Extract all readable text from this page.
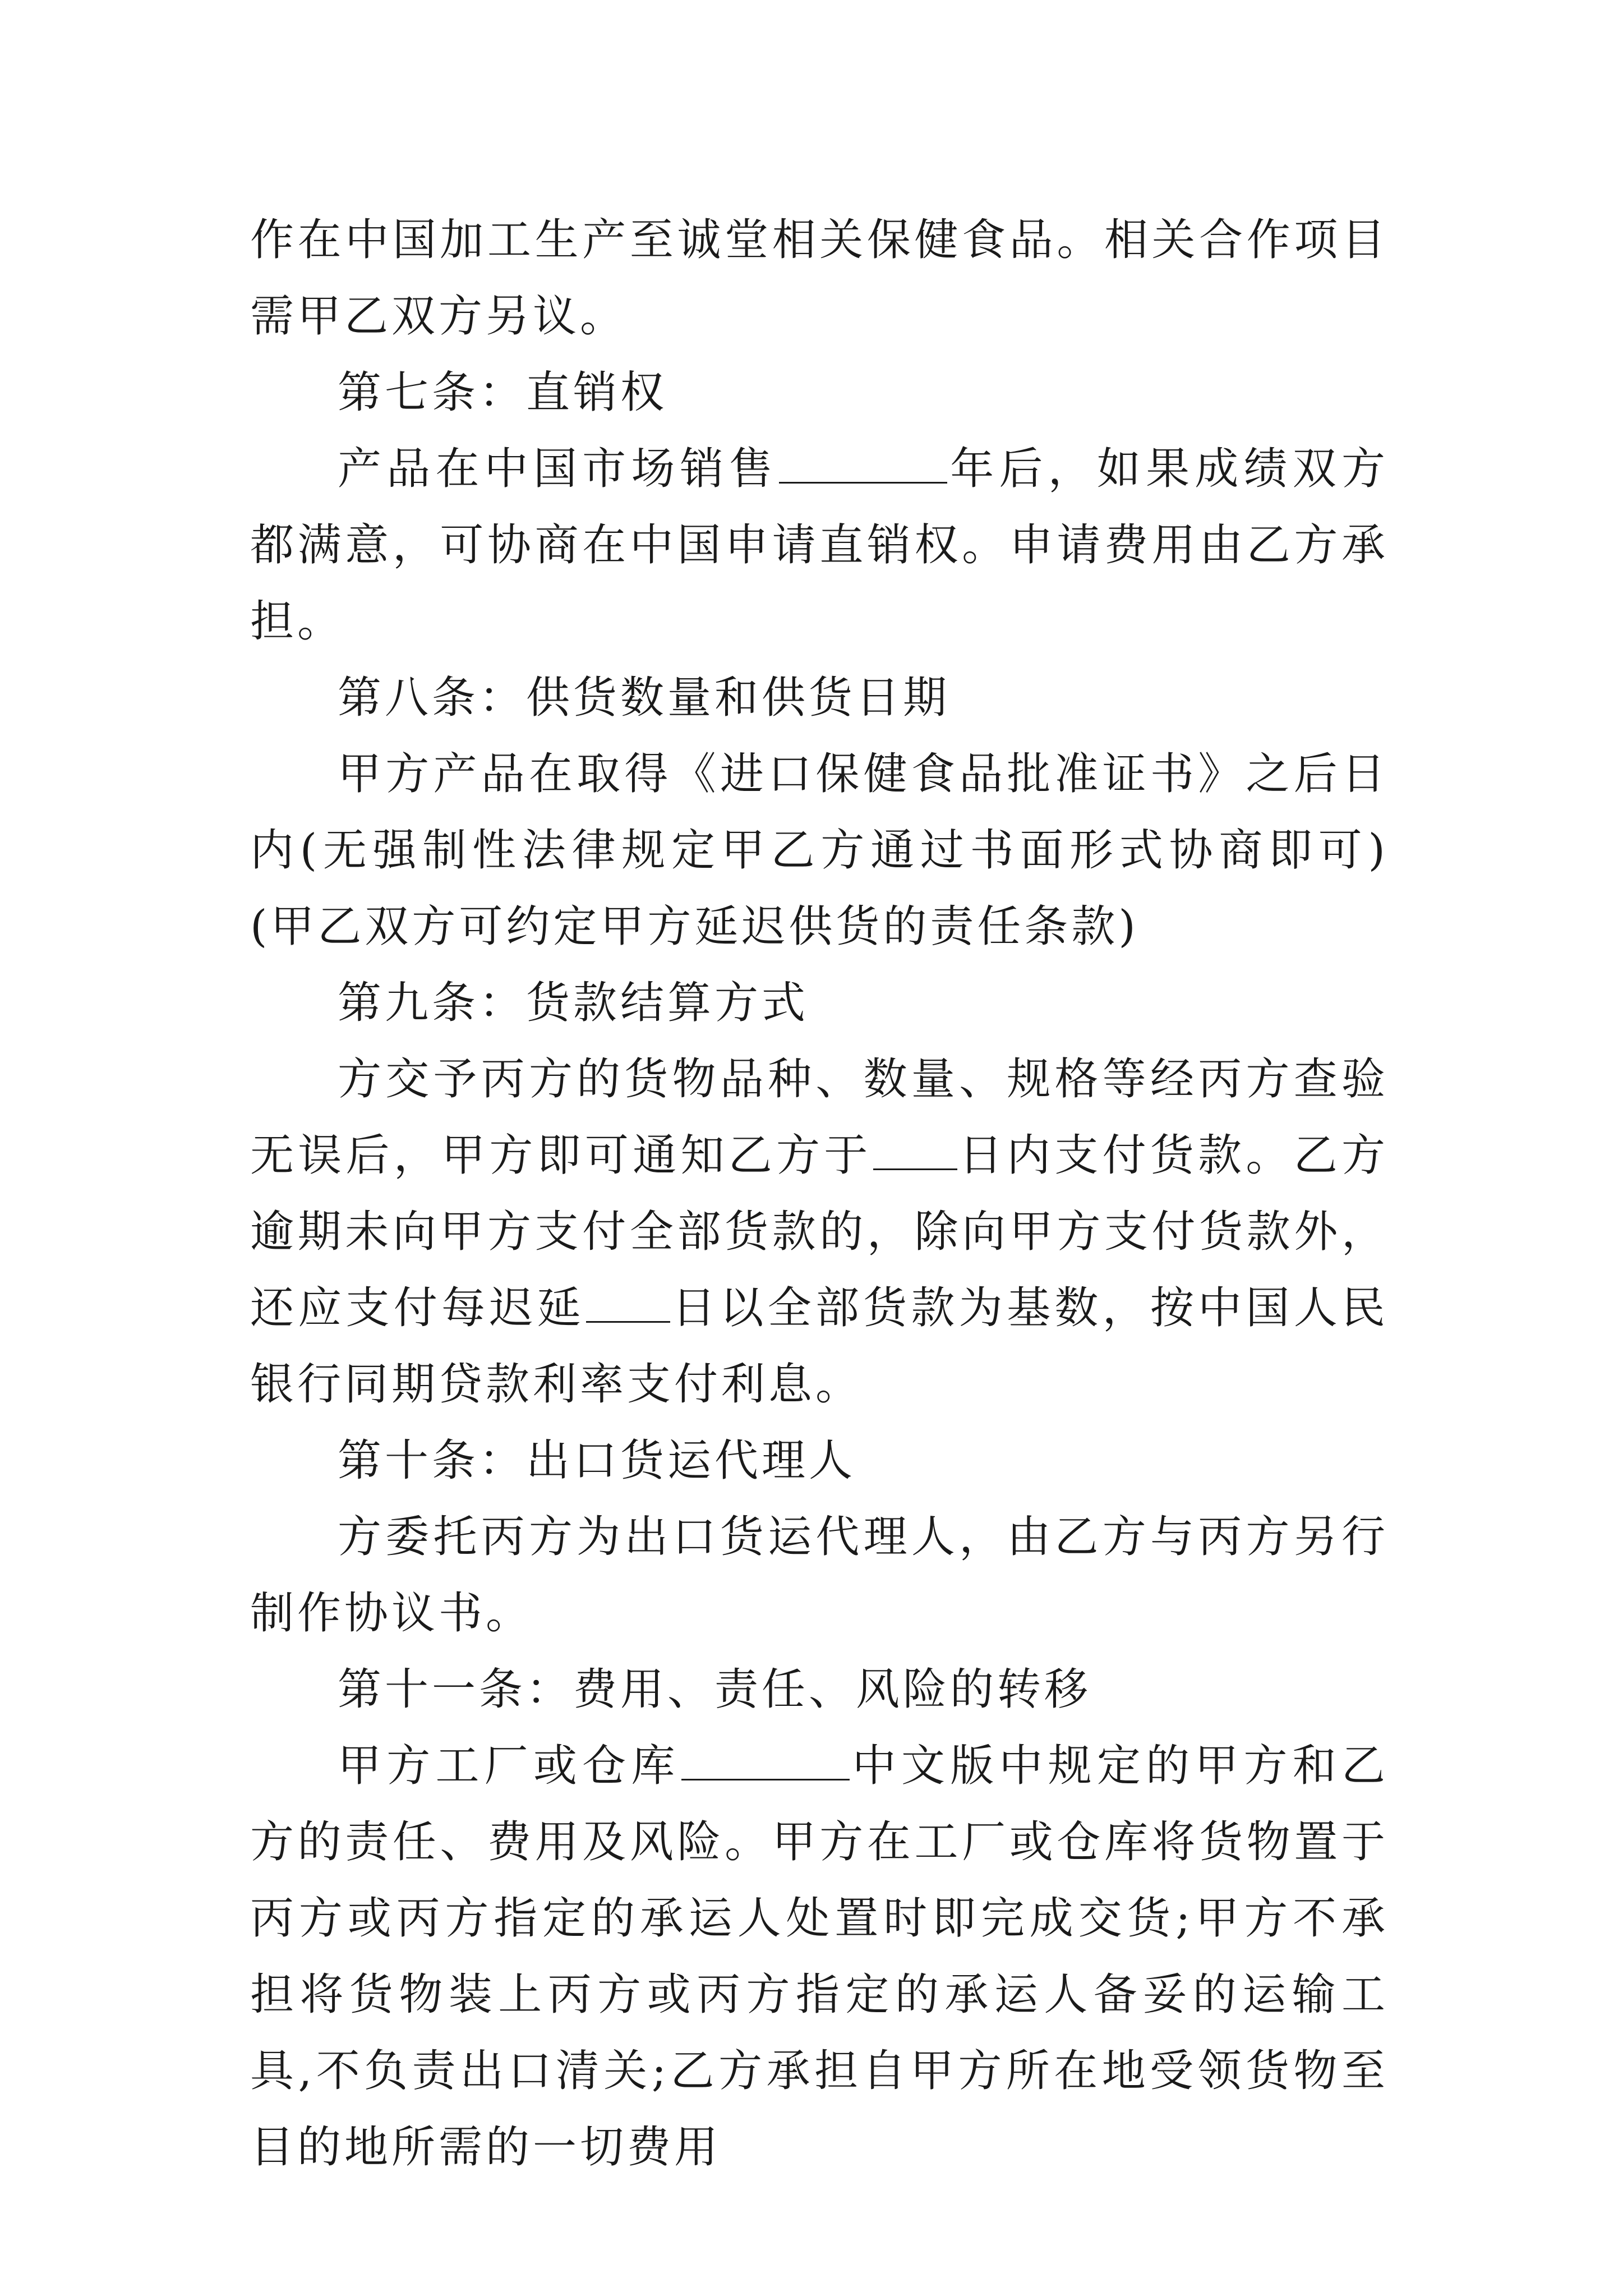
作在中国加工生产至诚堂相关保健食品。相关合作项目需甲乙双方另议。

第七条：直销权

产品在中国市场销售	年后，如果成绩双方都满意，可协商在中国申请直销权。申请费用由乙方承担。

第八条：供货数量和供货日期

甲方产品在取得《进口保健食品批准证书》之后日内(无强制性法律规定甲乙方通过书面形式协商即可)(甲乙双方可约定甲方延迟供货的责任条款)

第九条：货款结算方式

方交予丙方的货物品种、数量、规格等经丙方查验无误后，甲方即可通知乙方于 日内支付货款。乙方逾期未向甲方支付全部货款的，除向甲方支付货款外，还应支付每迟延 日以全部货款为基数，按中国人民银行同期贷款利率支付利息。

第十条：出口货运代理人

方委托丙方为出口货运代理人，由乙方与丙方另行制作协议书。

第十一条：费用、责任、风险的转移

甲方工厂或仓库	中文版中规定的甲方和乙方的责任、费用及风险。甲方在工厂或仓库将货物置于丙方或丙方指定的承运人处置时即完成交货;甲方不承担将货物装上丙方或丙方指定的承运人备妥的运输工具,不负责出口清关;乙方承担自甲方所在地受领货物至目的地所需的一切费用
